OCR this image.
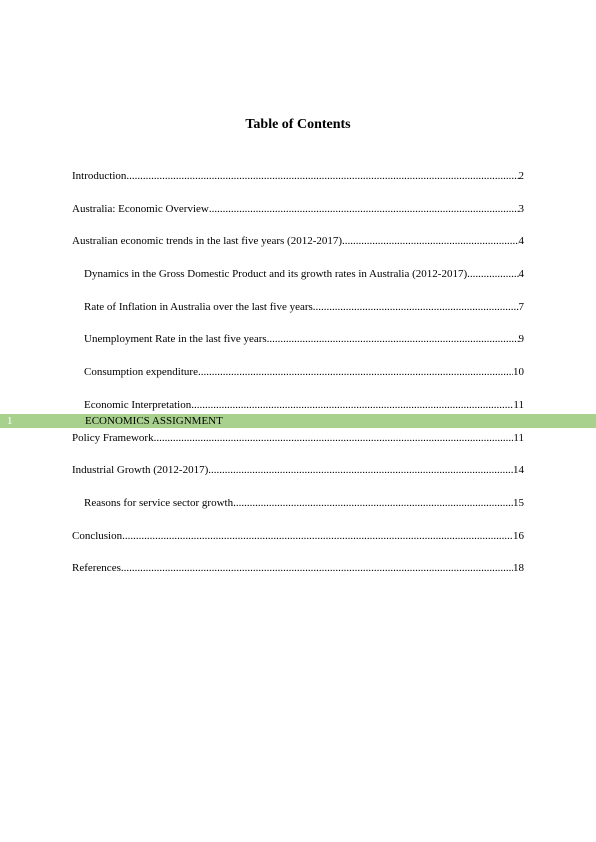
Table of Contents
Introduction .....	2
Australia: Economic Overview .....	3
Australian economic trends in the last five years (2012-2017) .....	4
Dynamics in the Gross Domestic Product and its growth rates in Australia (2012-2017) .....	4
Rate of Inflation in Australia over the last five years .....	7
Unemployment Rate in the last five years .....	9
Consumption expenditure .....	10
Economic Interpretation .....	11
Policy Framework .....	11
Industrial Growth (2012-2017) .....	14
Reasons for service sector growth .....	15
Conclusion .....	16
References .....	18
1	ECONOMICS ASSIGNMENT
